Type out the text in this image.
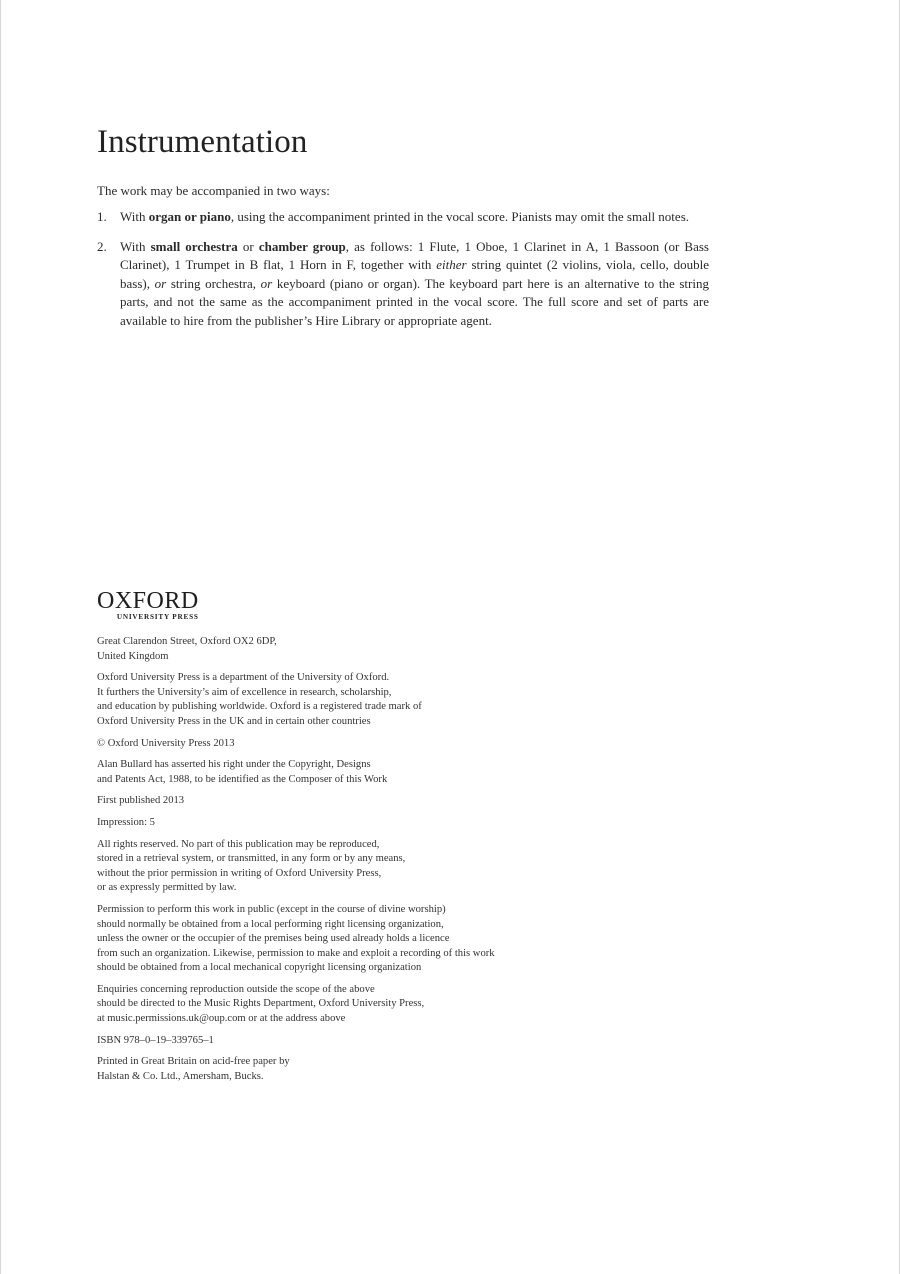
Instrumentation

The work may be accompanied in two ways:

1. With organ or piano, using the accompaniment printed in the vocal score. Pianists may omit the small notes.
2. With small orchestra or chamber group, as follows: 1 Flute, 1 Oboe, 1 Clarinet in A, 1 Bassoon (or Bass Clarinet), 1 Trumpet in B flat, 1 Horn in F, together with either string quintet (2 violins, viola, cello, double bass), or string orchestra, or keyboard (piano or organ). The keyboard part here is an alternative to the string parts, and not the same as the accompaniment printed in the vocal score. The full score and set of parts are available to hire from the publisher’s Hire Library or appropriate agent.
OXFORD
UNIVERSITY PRESS

Great Clarendon Street, Oxford OX2 6DP,
United Kingdom

Oxford University Press is a department of the University of Oxford.
It furthers the University’s aim of excellence in research, scholarship,
and education by publishing worldwide. Oxford is a registered trade mark of
Oxford University Press in the UK and in certain other countries

© Oxford University Press 2013

Alan Bullard has asserted his right under the Copyright, Designs
and Patents Act, 1988, to be identified as the Composer of this Work

First published 2013

Impression: 5

All rights reserved. No part of this publication may be reproduced,
stored in a retrieval system, or transmitted, in any form or by any means,
without the prior permission in writing of Oxford University Press,
or as expressly permitted by law.

Permission to perform this work in public (except in the course of divine worship)
should normally be obtained from a local performing right licensing organization,
unless the owner or the occupier of the premises being used already holds a licence
from such an organization. Likewise, permission to make and exploit a recording of this work
should be obtained from a local mechanical copyright licensing organization

Enquiries concerning reproduction outside the scope of the above
should be directed to the Music Rights Department, Oxford University Press,
at music.permissions.uk@oup.com or at the address above

ISBN 978–0–19–339765–1

Printed in Great Britain on acid-free paper by
Halstan & Co. Ltd., Amersham, Bucks.
